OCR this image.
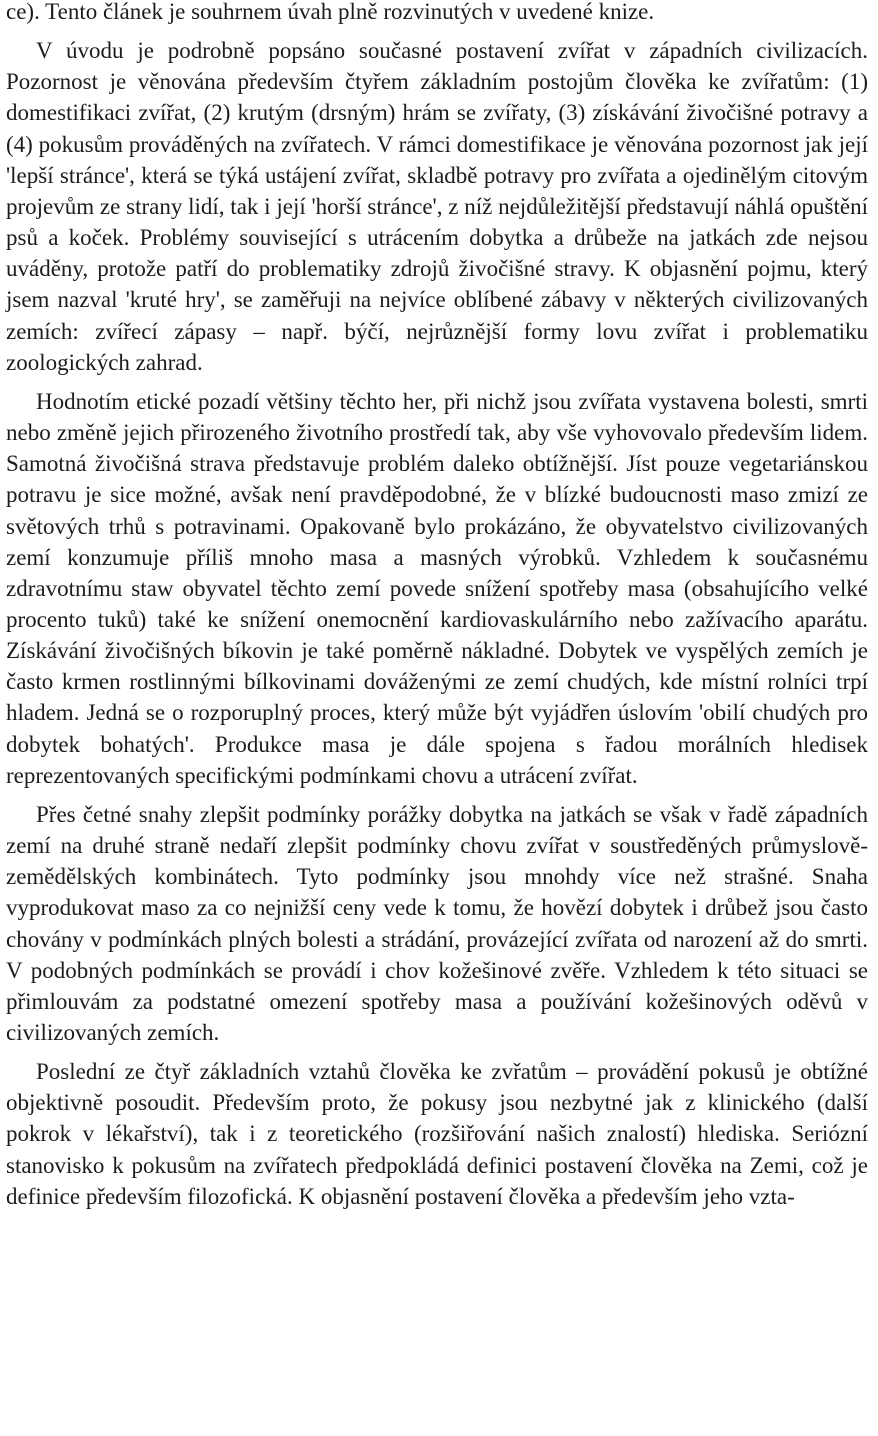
ce). Tento článek je souhrnem úvah plně rozvinutých v uvedené knize.

V úvodu je podrobně popsáno současné postavení zvířat v západních civilizacích. Pozornost je věnována především čtyřem základním postojům člověka ke zvířatům: (1) domestifikaci zvířat, (2) krutým (drsným) hrám se zvířaty, (3) získávání živočišné potravy a (4) pokusům prováděných na zvířatech. V rámci domestifikace je věnována pozornost jak její 'lepší stránce', která se týká ustájení zvířat, skladbě potravy pro zvířata a ojedinělým citovým projevům ze strany lidí, tak i její 'horší stránce', z níž nejdůležitější představují náhlá opuštění psů a koček. Problémy související s utrácením dobytka a drůbeže na jatkách zde nejsou uváděny, protože patří do problematiky zdrojů živočišné stravy. K objasnění pojmu, který jsem nazval 'kruté hry', se zaměřuji na nejvíce oblíbené zábavy v některých civilizovaných zemích: zvířecí zápasy – např. býčí, nejrůznější formy lovu zvířat i problematiku zoologických zahrad.

Hodnotím etické pozadí většiny těchto her, při nichž jsou zvířata vystavena bolesti, smrti nebo změně jejich přirozeného životního prostředí tak, aby vše vyhovovalo především lidem. Samotná živočišná strava představuje problém daleko obtížnější. Jíst pouze vegetariánskou potravu je sice možné, avšak není pravděpodobné, že v blízké budoucnosti maso zmizí ze světových trhů s potravinami. Opakovaně bylo prokázáno, že obyvatelstvo civilizovaných zemí konzumuje příliš mnoho masa a masných výrobků. Vzhledem k současnému zdravotnímu staw obyvatel těchto zemí povede snížení spotřeby masa (obsahujícího velké procento tuků) také ke snížení onemocnění kardiovaskulárního nebo zažívacího aparátu. Získávání živočišných bíkovin je také poměrně nákladné. Dobytek ve vyspělých zemích je často krmen rostlinnými bílkovinami dováženými ze zemí chudých, kde místní rolníci trpí hladem. Jedná se o rozporuplný proces, který může být vyjádřen úslovím 'obilí chudých pro dobytek bohatých'. Produkce masa je dále spojena s řadou morálních hledisek reprezentovaných specifickými podmínkami chovu a utrácení zvířat.

Přes četné snahy zlepšit podmínky porážky dobytka na jatkách se však v řadě západních zemí na druhé straně nedaří zlepšit podmínky chovu zvířat v soustředěných průmyslově-zemědělských kombinátech. Tyto podmínky jsou mnohdy více než strašné. Snaha vyprodukovat maso za co nejnižší ceny vede k tomu, že hovězí dobytek i drůbež jsou často chovány v podmínkách plných bolesti a strádání, provázející zvířata od narození až do smrti. V podobných podmínkách se provádí i chov kožešinové zvěře. Vzhledem k této situaci se přimlouvám za podstatné omezení spotřeby masa a používání kožešinových oděvů v civilizovaných zemích.

Poslední ze čtyř základních vztahů člověka ke zvřatům – provádění pokusů je obtížné objektivně posoudit. Především proto, že pokusy jsou nezbytné jak z klinického (další pokrok v lékařství), tak i z teoretického (rozšiřování našich znalostí) hlediska. Seriózní stanovisko k pokusům na zvířatech předpokládá definici postavení člověka na Zemi, což je definice především filozofická. K objasnění postavení člověka a především jeho vzta-
